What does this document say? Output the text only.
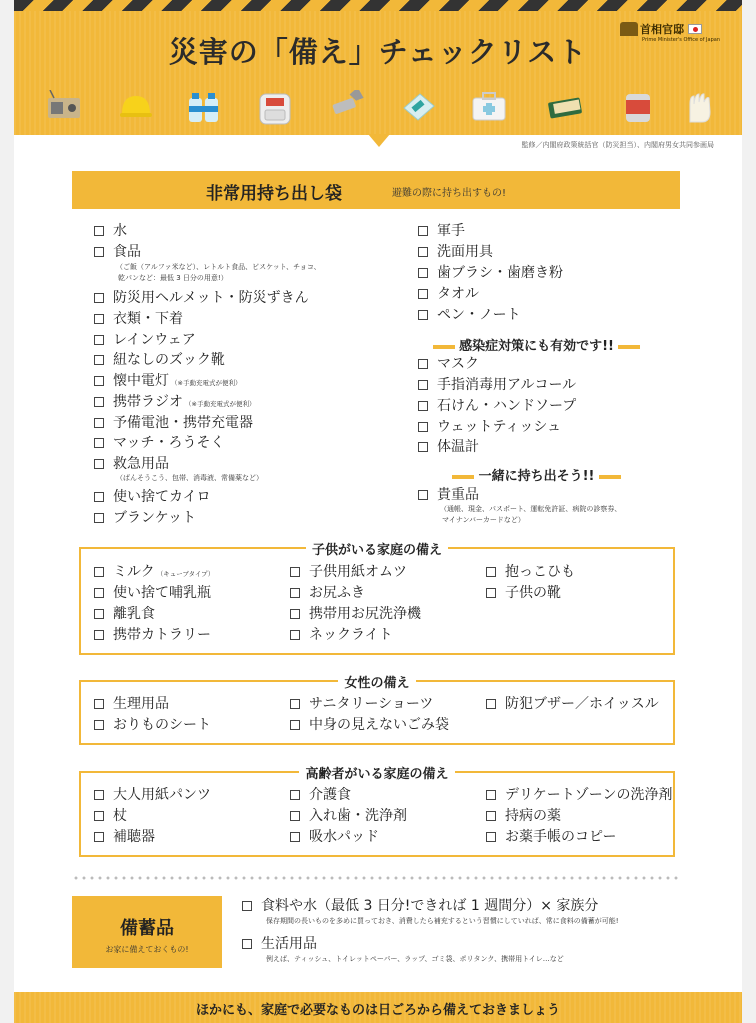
災害の「備え」チェックリスト
首相官邸
Prime Minister's Office of Japan
監修／内閣府政策統括官（防災担当）、内閣府男女共同参画局
非常用持ち出し袋	避難の際に持ち出すもの!
水
食品
（ご飯（アルファ米など）、レトルト食品、ビスケット、チョコ、
乾パンなど：最低 3 日分の用意!）
防災用ヘルメット・防災ずきん
衣類・下着
レインウェア
紐なしのズック靴
懐中電灯 （※手動充電式が便利）
携帯ラジオ （※手動充電式が便利）
予備電池・携帯充電器
マッチ・ろうそく
救急用品
（ばんそうこう、包帯、消毒液、常備薬など）
使い捨てカイロ
ブランケット
軍手
洗面用具
歯ブラシ・歯磨き粉
タオル
ペン・ノート
感染症対策にも有効です!!
マスク
手指消毒用アルコール
石けん・ハンドソープ
ウェットティッシュ
体温計
一緒に持ち出そう!!
貴重品
（通帳、現金、パスポート、運転免許証、病院の診察券、
マイナンバーカードなど）
子供がいる家庭の備え
ミルク （キューブタイプ）
使い捨て哺乳瓶
離乳食
携帯カトラリー
子供用紙オムツ
お尻ふき
携帯用お尻洗浄機
ネックライト
抱っこひも
子供の靴
女性の備え
生理用品
おりものシート
サニタリーショーツ
中身の見えないごみ袋
防犯ブザー／ホイッスル
高齢者がいる家庭の備え
大人用紙パンツ
杖
補聴器
介護食
入れ歯・洗浄剤
吸水パッド
デリケートゾーンの洗浄剤
持病の薬
お薬手帳のコピー
備蓄品
お家に備えておくもの!
食料や水（最低 3 日分!できれば 1 週間分）× 家族分
保存期間の長いものを多めに買っておき、消費したら補充するという習慣にしていれば、常に食料の備蓄が可能!
生活用品
例えば、ティッシュ、トイレットペーパー、ラップ、ゴミ袋、ポリタンク、携帯用トイレ…など
ほかにも、家庭で必要なものは日ごろから備えておきましょう
